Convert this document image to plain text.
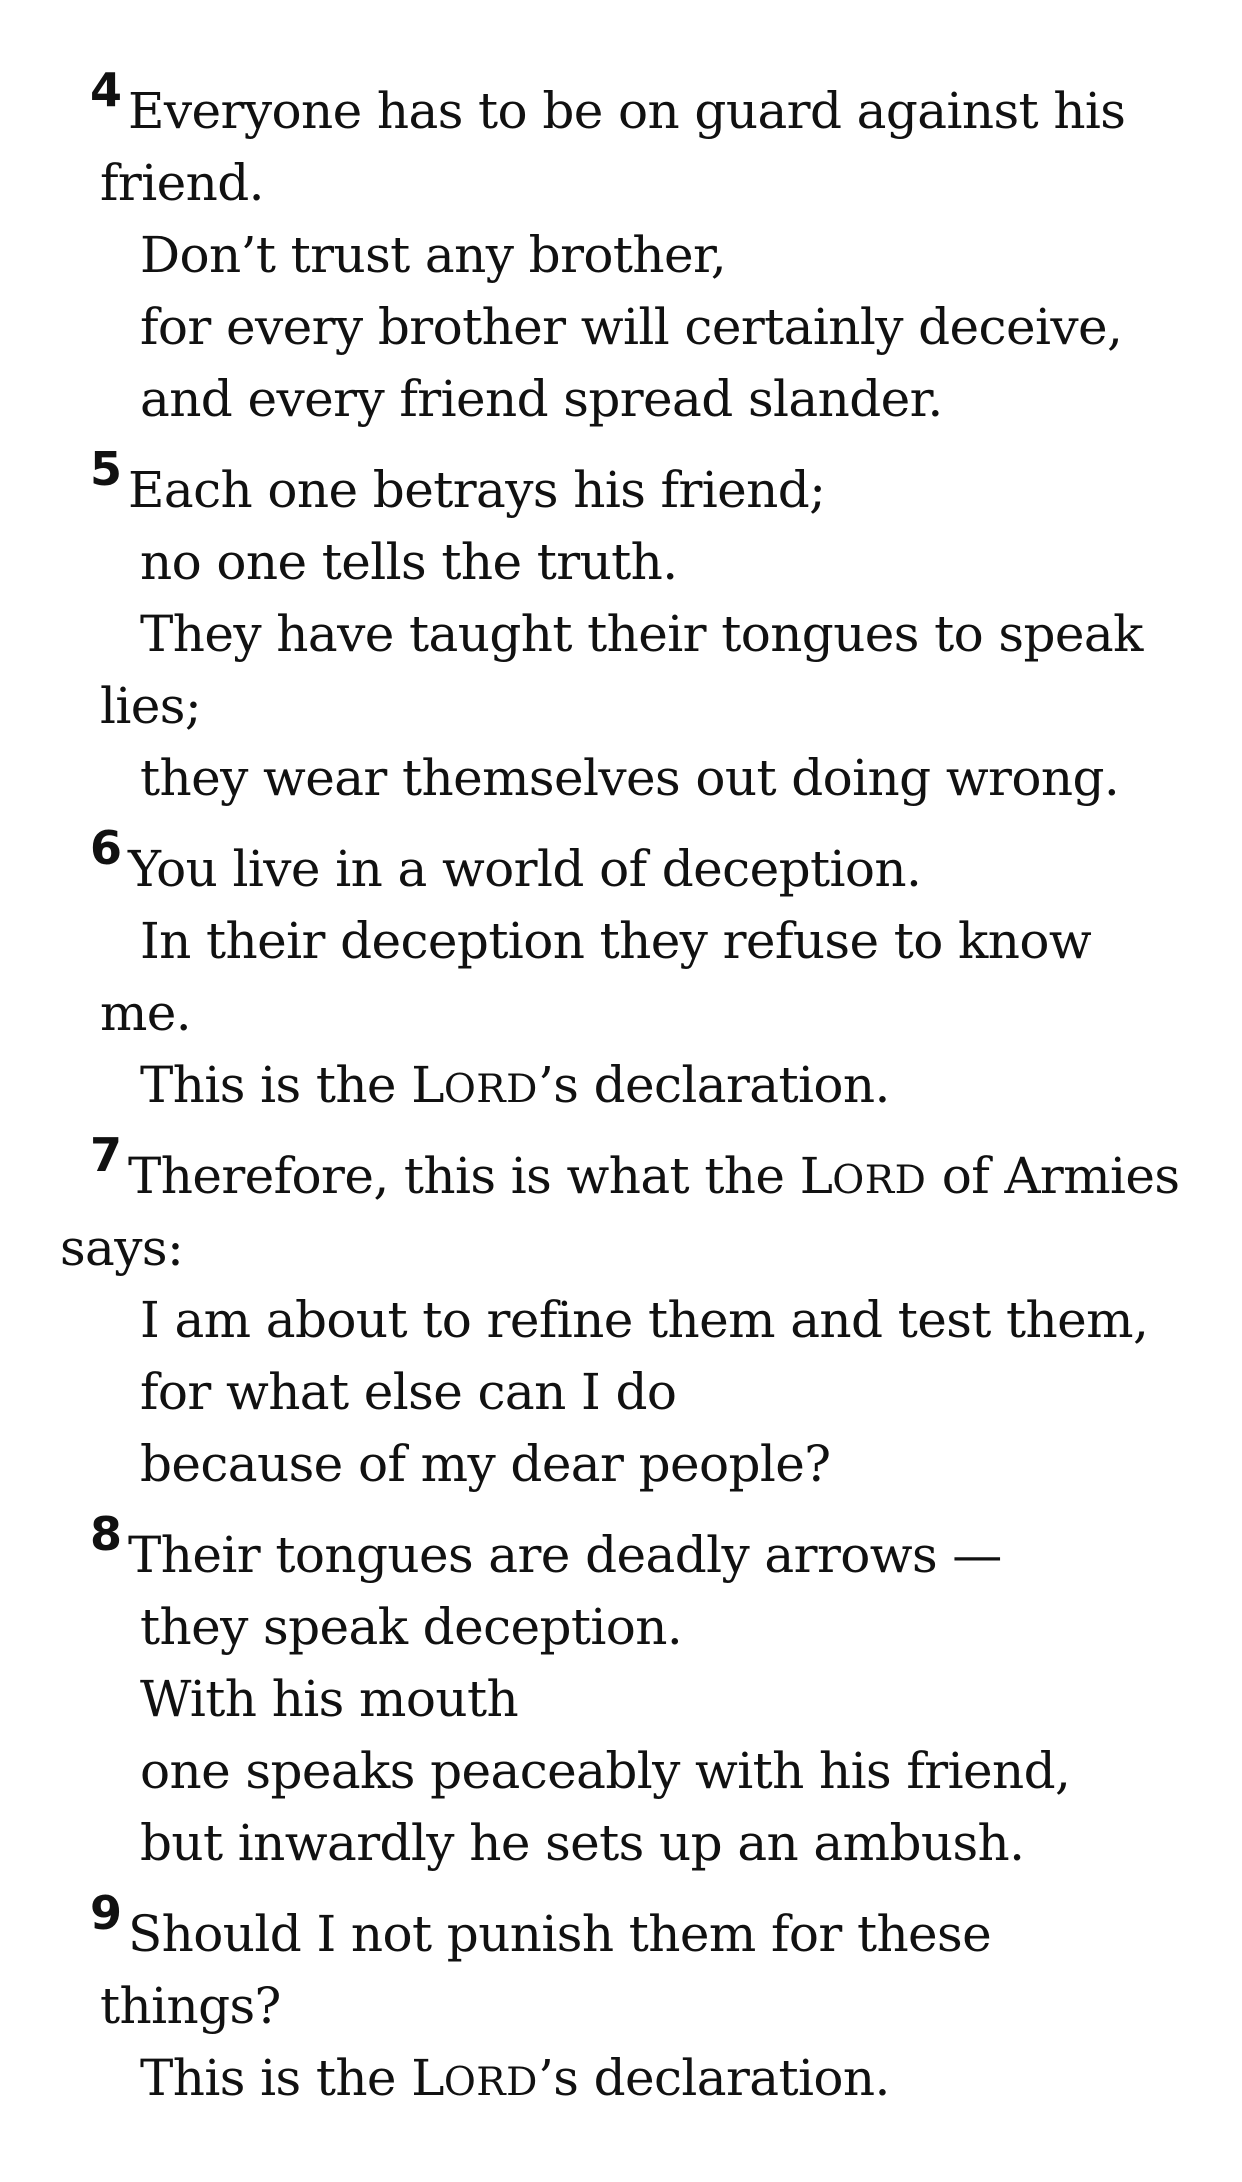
4 Everyone has to be on guard against his
friend.
Don’t trust any brother,
for every brother will certainly deceive,
and every friend spread slander.
5 Each one betrays his friend;
no one tells the truth.
They have taught their tongues to speak
lies;
they wear themselves out doing wrong.
6 You live in a world of deception.
In their deception they refuse to know
me.
This is the LORD’s declaration.
7 Therefore, this is what the LORD of Armies
says:
I am about to refine them and test them,
for what else can I do
because of my dear people?
8 Their tongues are deadly arrows —
they speak deception.
With his mouth
one speaks peaceably with his friend,
but inwardly he sets up an ambush.
9 Should I not punish them for these
things?
This is the LORD’s declaration.
